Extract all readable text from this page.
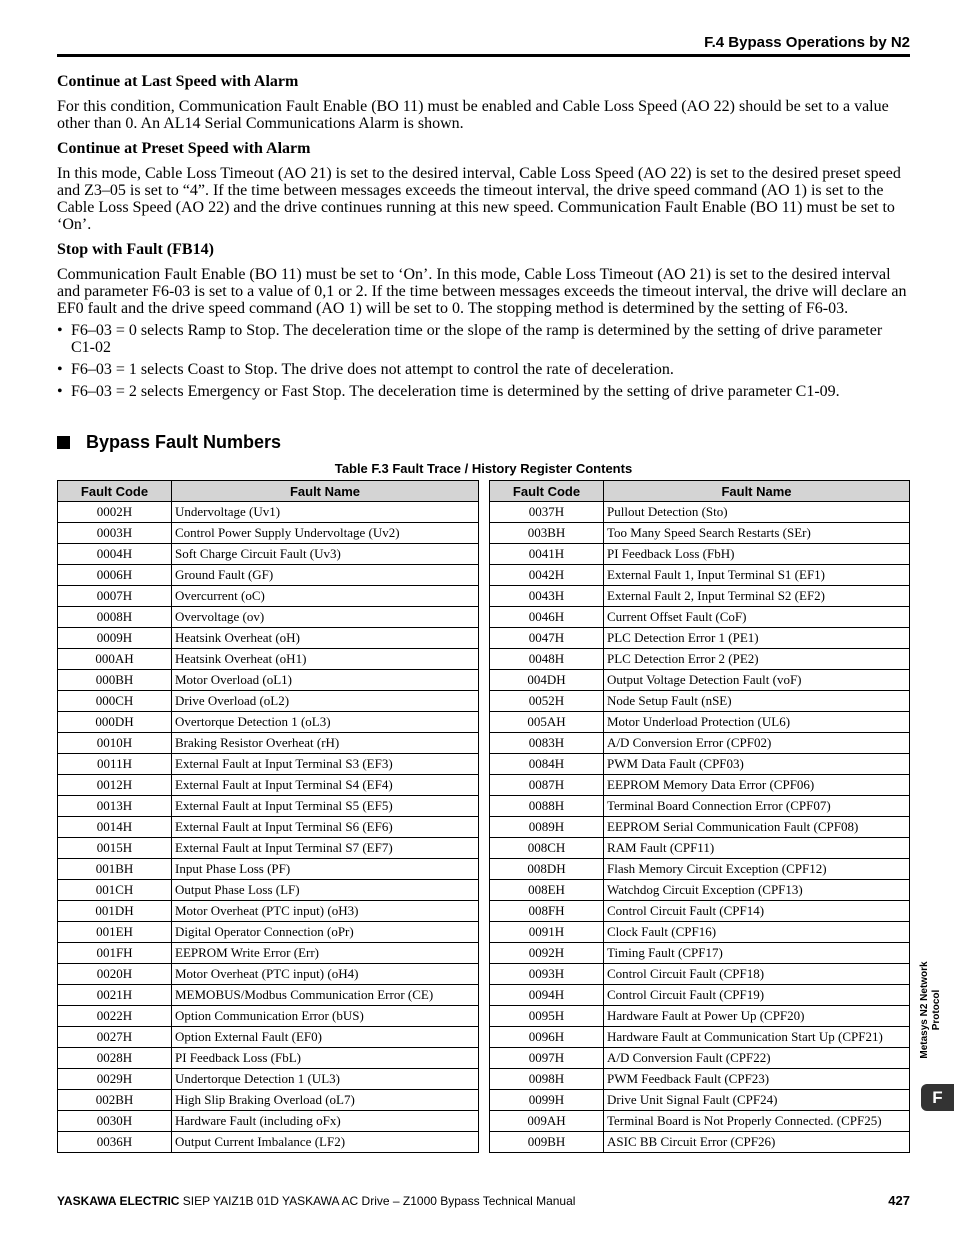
F.4 Bypass Operations by N2
Continue at Last Speed with Alarm
For this condition, Communication Fault Enable (BO 11) must be enabled and Cable Loss Speed (AO 22) should be set to a value other than 0. An AL14 Serial Communications Alarm is shown.
Continue at Preset Speed with Alarm
In this mode, Cable Loss Timeout (AO 21) is set to the desired interval, Cable Loss Speed (AO 22) is set to the desired preset speed and Z3–05 is set to “4”. If the time between messages exceeds the timeout interval, the drive speed command (AO 1) is set to the Cable Loss Speed (AO 22) and the drive continues running at this new speed. Communication Fault Enable (BO 11) must be set to ‘On’.
Stop with Fault (FB14)
Communication Fault Enable (BO 11) must be set to ‘On’. In this mode, Cable Loss Timeout (AO 21) is set to the desired interval and parameter F6-03 is set to a value of 0,1 or 2. If the time between messages exceeds the timeout interval, the drive will declare an EF0 fault and the drive speed command (AO 1) will be set to 0. The stopping method is determined by the setting of F6-03.
• F6–03 = 0 selects Ramp to Stop. The deceleration time or the slope of the ramp is determined by the setting of drive parameter C1-02
• F6–03 = 1 selects Coast to Stop. The drive does not attempt to control the rate of deceleration.
• F6–03 = 2 selects Emergency or Fast Stop. The deceleration time is determined by the setting of drive parameter C1-09.
Bypass Fault Numbers
Table F.3 Fault Trace / History Register Contents
Fault Code	Fault Name
0002H	Undervoltage (Uv1)
0003H	Control Power Supply Undervoltage (Uv2)
0004H	Soft Charge Circuit Fault (Uv3)
0006H	Ground Fault (GF)
0007H	Overcurrent (oC)
0008H	Overvoltage (ov)
0009H	Heatsink Overheat (oH)
000AH	Heatsink Overheat (oH1)
000BH	Motor Overload (oL1)
000CH	Drive Overload (oL2)
000DH	Overtorque Detection 1 (oL3)
0010H	Braking Resistor Overheat (rH)
0011H	External Fault at Input Terminal S3 (EF3)
0012H	External Fault at Input Terminal S4 (EF4)
0013H	External Fault at Input Terminal S5 (EF5)
0014H	External Fault at Input Terminal S6 (EF6)
0015H	External Fault at Input Terminal S7 (EF7)
001BH	Input Phase Loss (PF)
001CH	Output Phase Loss (LF)
001DH	Motor Overheat (PTC input) (oH3)
001EH	Digital Operator Connection (oPr)
001FH	EEPROM Write Error (Err)
0020H	Motor Overheat (PTC input) (oH4)
0021H	MEMOBUS/Modbus Communication Error (CE)
0022H	Option Communication Error (bUS)
0027H	Option External Fault (EF0)
0028H	PI Feedback Loss (FbL)
0029H	Undertorque Detection 1 (UL3)
002BH	High Slip Braking Overload (oL7)
0030H	Hardware Fault (including oFx)
0036H	Output Current Imbalance (LF2)
Fault Code	Fault Name
0037H	Pullout Detection (Sto)
003BH	Too Many Speed Search Restarts (SEr)
0041H	PI Feedback Loss (FbH)
0042H	External Fault 1, Input Terminal S1 (EF1)
0043H	External Fault 2, Input Terminal S2 (EF2)
0046H	Current Offset Fault (CoF)
0047H	PLC Detection Error 1 (PE1)
0048H	PLC Detection Error 2 (PE2)
004DH	Output Voltage Detection Fault (voF)
0052H	Node Setup Fault (nSE)
005AH	Motor Underload Protection (UL6)
0083H	A/D Conversion Error (CPF02)
0084H	PWM Data Fault (CPF03)
0087H	EEPROM Memory Data Error (CPF06)
0088H	Terminal Board Connection Error (CPF07)
0089H	EEPROM Serial Communication Fault (CPF08)
008CH	RAM Fault (CPF11)
008DH	Flash Memory Circuit Exception (CPF12)
008EH	Watchdog Circuit Exception (CPF13)
008FH	Control Circuit Fault (CPF14)
0091H	Clock Fault (CPF16)
0092H	Timing Fault (CPF17)
0093H	Control Circuit Fault (CPF18)
0094H	Control Circuit Fault (CPF19)
0095H	Hardware Fault at Power Up (CPF20)
0096H	Hardware Fault at Communication Start Up (CPF21)
0097H	A/D Conversion Fault (CPF22)
0098H	PWM Feedback Fault (CPF23)
0099H	Drive Unit Signal Fault (CPF24)
009AH	Terminal Board is Not Properly Connected. (CPF25)
009BH	ASIC BB Circuit Error (CPF26)
Metasys N2 Network Protocol
F
YASKAWA ELECTRIC SIEP YAIZ1B 01D YASKAWA AC Drive – Z1000 Bypass Technical Manual	427
